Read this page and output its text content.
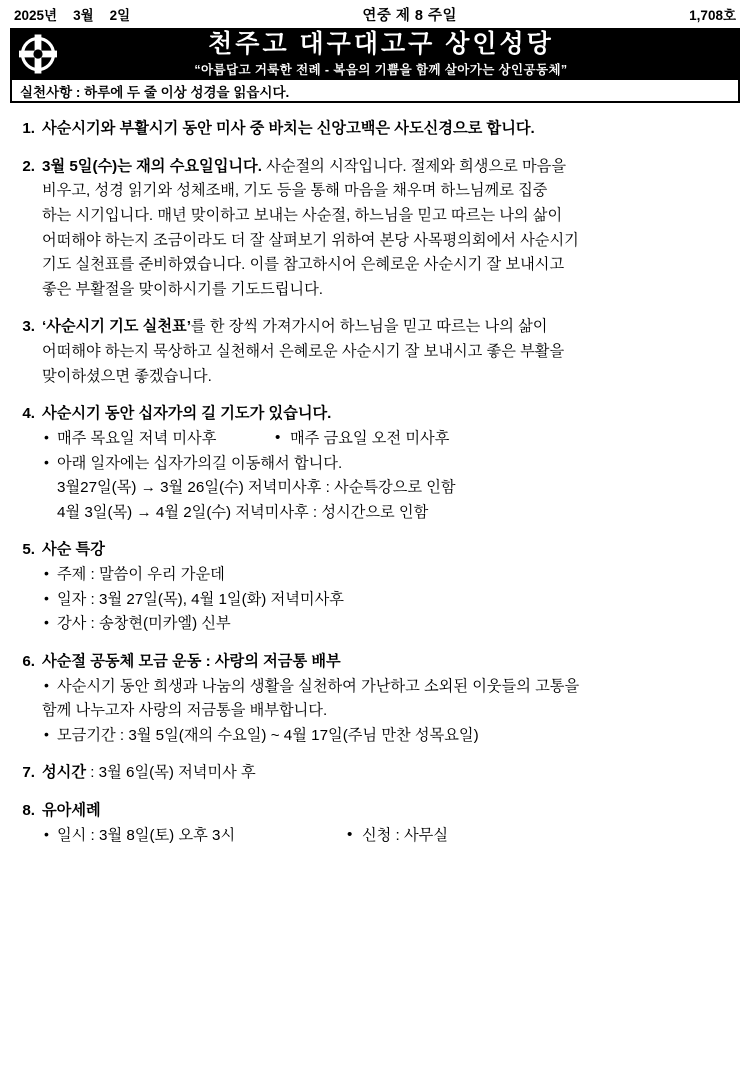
2025년 3월 2일	연중 제 8 주일	1,708호
천주고 대구대고구 상인성당
“아름답고 거룩한 전례 - 복음의 기쁨을 함께 살아가는 상인공동체”
실천사항 : 하루에 두 줄 이상 성경을 읽읍시다.
1. 사순시기와 부활시기 동안 미사 중 바치는 신앙고백은 사도신경으로 합니다.
2. 3월 5일(수)는 재의 수요일입니다. 사순절의 시작입니다. 절제와 희생으로 마음을
비우고, 성경 읽기와 성체조배, 기도 등을 통해 마음을 채우며 하느님께로 집중
하는 시기입니다. 매년 맞이하고 보내는 사순절, 하느님을 믿고 따르는 나의 삶이
어떠해야 하는지 조금이라도 더 잘 살펴보기 위하여 본당 사목평의회에서 사순시기
기도 실천표를 준비하였습니다. 이를 참고하시어 은혜로운 사순시기 잘 보내시고
좋은 부활절을 맞이하시기를 기도드립니다.
3. ‘사순시기 기도 실천표’를 한 장씩 가져가시어 하느님을 믿고 따르는 나의 삶이
어떠해야 하는지 묵상하고 실천해서 은혜로운 사순시기 잘 보내시고 좋은 부활을
맞이하셨으면 좋겠습니다.
4. 사순시기 동안 십자가의 길 기도가 있습니다.
• 매주 목요일 저녁 미사후	• 매주 금요일 오전 미사후
• 아래 일자에는 십자가의길 이동해서 합니다.
3월27일(목) → 3월 26일(수) 저녁미사후 : 사순특강으로 인함
4월 3일(목) → 4월 2일(수) 저녁미사후 : 성시간으로 인함
5. 사순 특강
• 주제 : 말씀이 우리 가운데
• 일자 : 3월 27일(목), 4월 1일(화) 저녁미사후
• 강사 : 송창현(미카엘) 신부
6. 사순절 공동체 모금 운동 : 사랑의 저금통 배부
• 사순시기 동안 희생과 나눔의 생활을 실천하여 가난하고 소외된 이웃들의 고통을
함께 나누고자 사랑의 저금통을 배부합니다.
• 모금기간 : 3월 5일(재의 수요일) ~ 4월 17일(주님 만찬 성목요일)
7. 성시간 : 3월 6일(목) 저녁미사 후
8. 유아세례
• 일시 : 3월 8일(토) 오후 3시	• 신청 : 사무실
